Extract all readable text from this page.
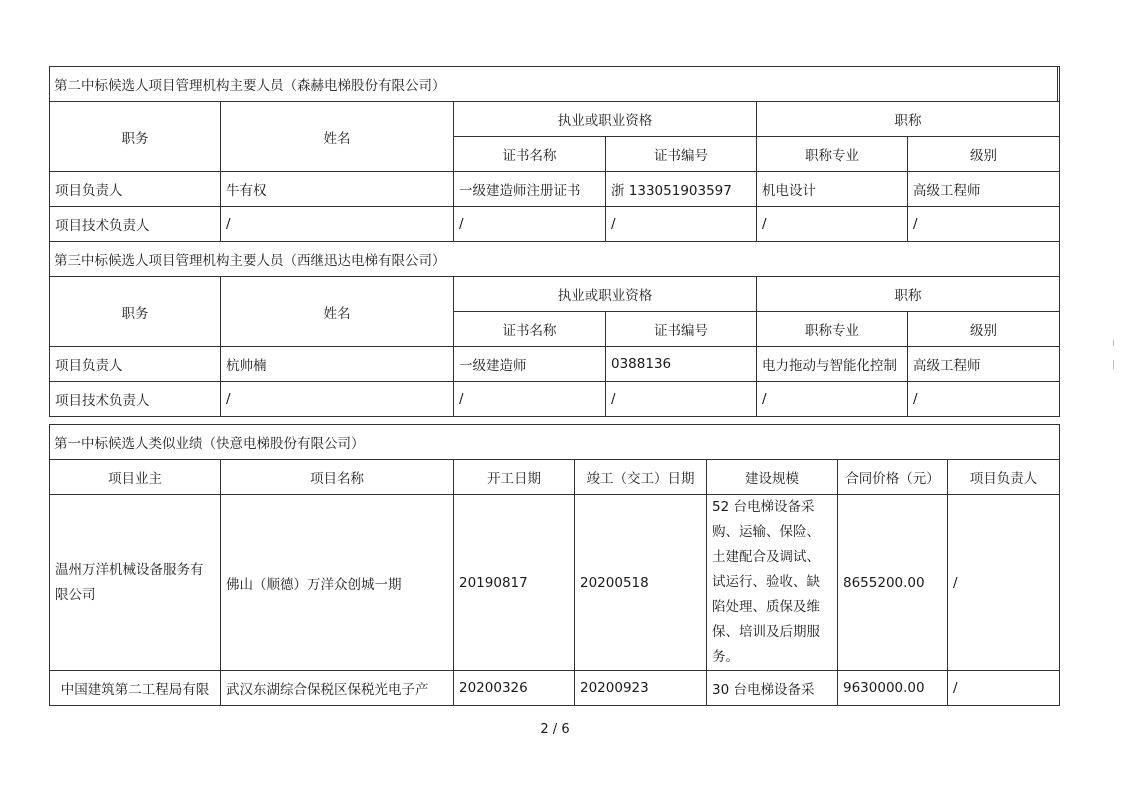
第二中标候选人项目管理机构主要人员（森赫电梯股份有限公司）					
职务	姓名	执业或职业资格		职称	
		证书名称	证书编号	职称专业	级别
项目负责人	牛有权	一级建造师注册证书	浙 133051903597	机电设计	高级工程师
项目技术负责人	/	/	/	/	/
第三中标候选人项目管理机构主要人员（西继迅达电梯有限公司）					
职务	姓名	执业或职业资格		职称	
		证书名称	证书编号	职称专业	级别
项目负责人	杭帅楠	一级建造师	0388136	电力拖动与智能化控制	高级工程师
项目技术负责人	/	/	/	/	/
第一中标候选人类似业绩（快意电梯股份有限公司）						
项目业主	项目名称	开工日期	竣工（交工）日期	建设规模	合同价格（元）	项目负责人
温州万洋机械设备服务有限公司	佛山（顺德）万洋众创城一期	20190817	20200518	52 台电梯设备采购、运输、保险、土建配合及调试、试运行、验收、缺陷处理、质保及维保、培训及后期服务。	8655200.00	/
中国建筑第二工程局有限	武汉东湖综合保税区保税光电子产	20200326	20200923	30 台电梯设备采	9630000.00	/
2 / 6
